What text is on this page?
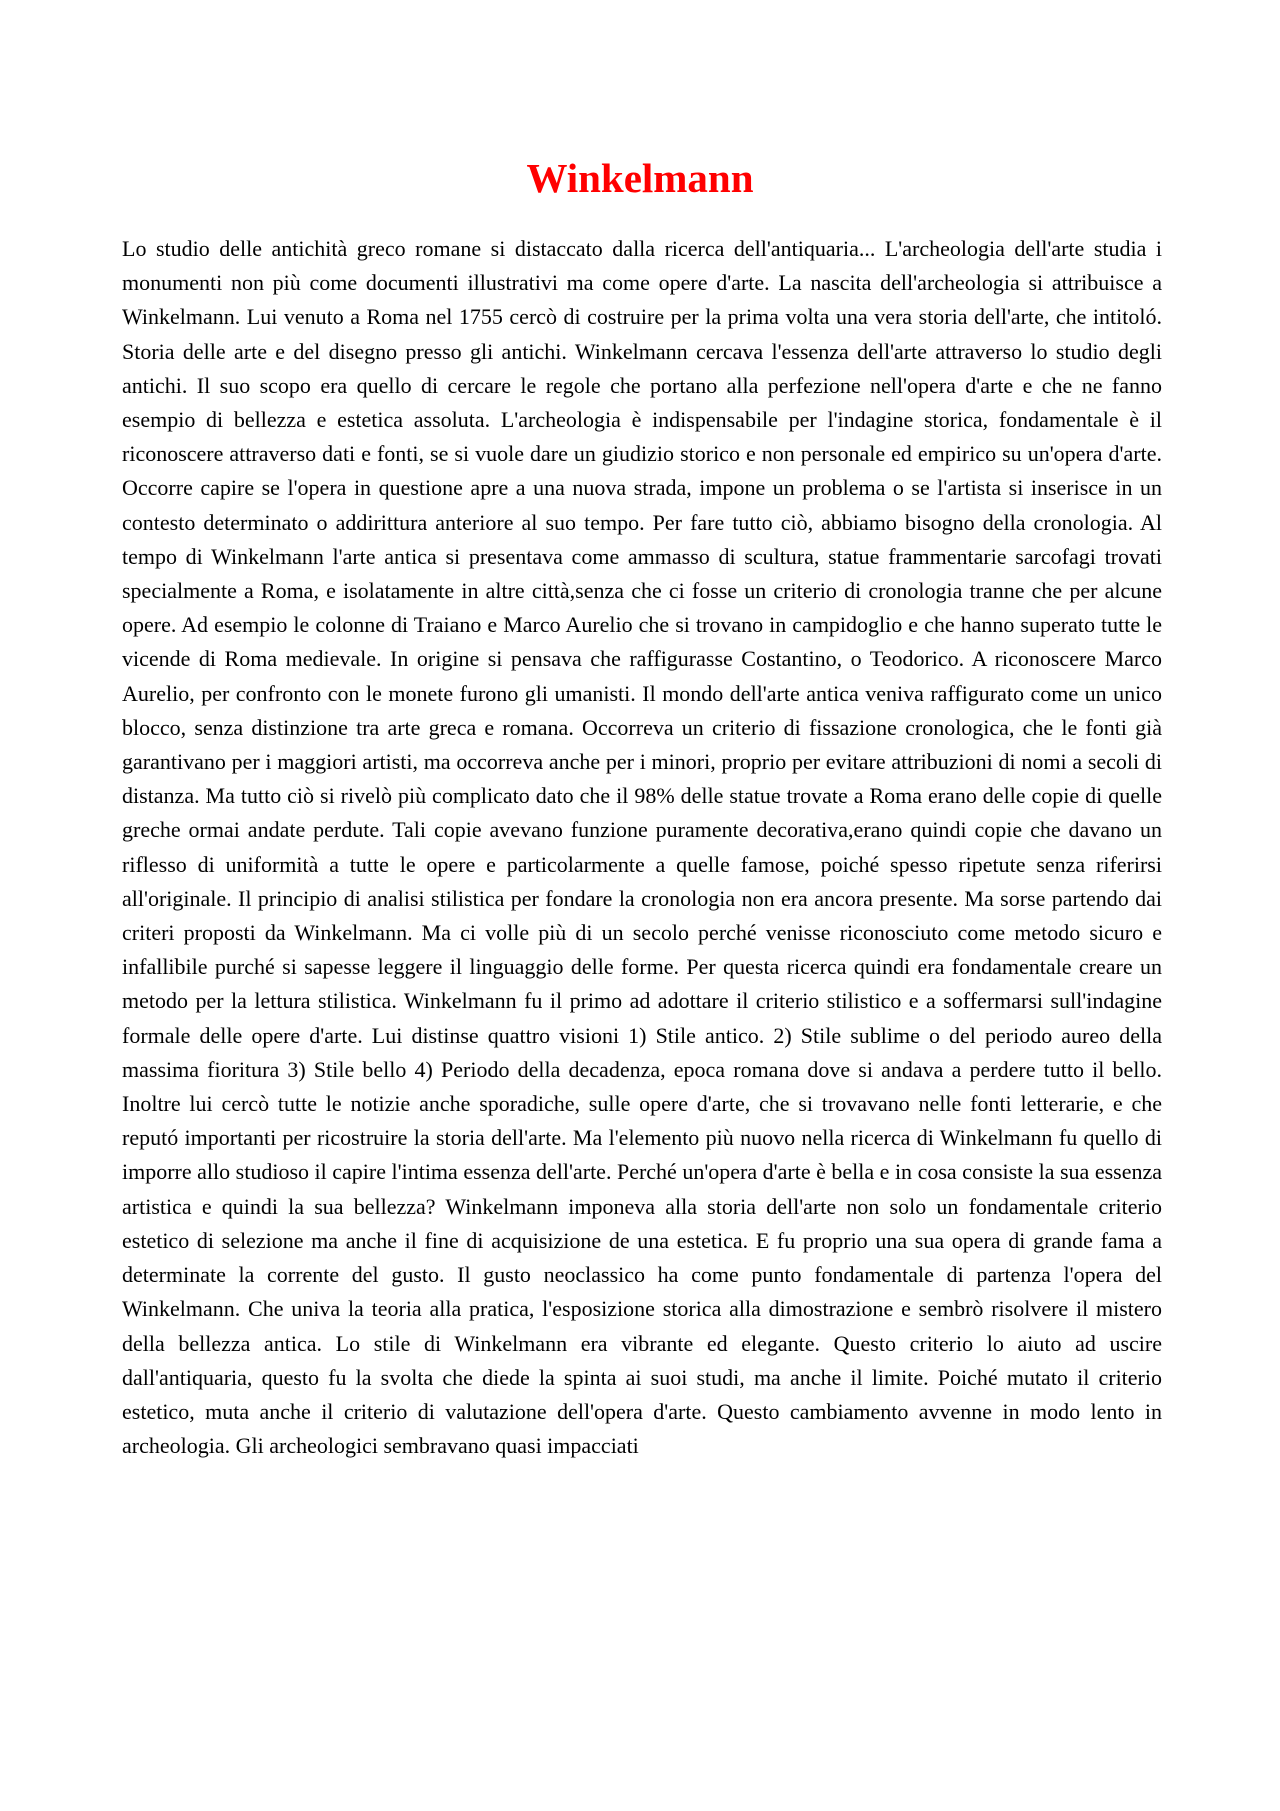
Winkelmann

Lo studio delle antichità greco romane si distaccato dalla ricerca dell'antiquaria... L'archeologia dell'arte studia i monumenti non più come documenti illustrativi ma come opere d'arte. La nascita dell'archeologia si attribuisce a Winkelmann. Lui venuto a Roma nel 1755 cercò di costruire per la prima volta una vera storia dell'arte, che intitoló. Storia delle arte e del disegno presso gli antichi. Winkelmann cercava l'essenza dell'arte attraverso lo studio degli antichi. Il suo scopo era quello di cercare le regole che portano alla perfezione nell'opera d'arte e che ne fanno esempio di bellezza e estetica assoluta. L'archeologia è indispensabile per l'indagine storica, fondamentale è il riconoscere attraverso dati e fonti, se si vuole dare un giudizio storico e non personale ed empirico su un'opera d'arte. Occorre capire se l'opera in questione apre a una nuova strada, impone un problema o se l'artista si inserisce in un contesto determinato o addirittura anteriore al suo tempo. Per fare tutto ciò, abbiamo bisogno della cronologia. Al tempo di Winkelmann l'arte antica si presentava come ammasso di scultura, statue frammentarie sarcofagi trovati specialmente a Roma, e isolatamente in altre città,senza che ci fosse un criterio di cronologia tranne che per alcune opere. Ad esempio le colonne di Traiano e Marco Aurelio che si trovano in campidoglio e che hanno superato tutte le vicende di Roma medievale. In origine si pensava che raffigurasse Costantino, o Teodorico. A riconoscere Marco Aurelio, per confronto con le monete furono gli umanisti. Il mondo dell'arte antica veniva raffigurato come un unico blocco, senza distinzione tra arte greca e romana. Occorreva un criterio di fissazione cronologica, che le fonti già garantivano per i maggiori artisti, ma occorreva anche per i minori, proprio per evitare attribuzioni di nomi a secoli di distanza. Ma tutto ciò si rivelò più complicato dato che il 98% delle statue trovate a Roma erano delle copie di quelle greche ormai andate perdute. Tali copie avevano funzione puramente decorativa,erano quindi copie che davano un riflesso di uniformità a tutte le opere e particolarmente a quelle famose, poiché spesso ripetute senza riferirsi all'originale. Il principio di analisi stilistica per fondare la cronologia non era ancora presente. Ma sorse partendo dai criteri proposti da Winkelmann. Ma ci volle più di un secolo perché venisse riconosciuto come metodo sicuro e infallibile purché si sapesse leggere il linguaggio delle forme. Per questa ricerca quindi era fondamentale creare un metodo per la lettura stilistica. Winkelmann fu il primo ad adottare il criterio stilistico e a soffermarsi sull'indagine formale delle opere d'arte. Lui distinse quattro visioni 1) Stile antico. 2) Stile sublime o del periodo aureo della massima fioritura 3) Stile bello 4) Periodo della decadenza, epoca romana dove si andava a perdere tutto il bello. Inoltre lui cercò tutte le notizie anche sporadiche, sulle opere d'arte, che si trovavano nelle fonti letterarie, e che reputó importanti per ricostruire la storia dell'arte. Ma l'elemento più nuovo nella ricerca di Winkelmann fu quello di imporre allo studioso il capire l'intima essenza dell'arte. Perché un'opera d'arte è bella e in cosa consiste la sua essenza artistica e quindi la sua bellezza? Winkelmann imponeva alla storia dell'arte non solo un fondamentale criterio estetico di selezione ma anche il fine di acquisizione de una estetica. E fu proprio una sua opera di grande fama a determinate la corrente del gusto. Il gusto neoclassico ha come punto fondamentale di partenza l'opera del Winkelmann. Che univa la teoria alla pratica, l'esposizione storica alla dimostrazione e sembrò risolvere il mistero della bellezza antica. Lo stile di Winkelmann era vibrante ed elegante. Questo criterio lo aiuto ad uscire dall'antiquaria, questo fu la svolta che diede la spinta ai suoi studi, ma anche il limite. Poiché mutato il criterio estetico, muta anche il criterio di valutazione dell'opera d'arte. Questo cambiamento avvenne in modo lento in archeologia. Gli archeologici sembravano quasi impacciati
